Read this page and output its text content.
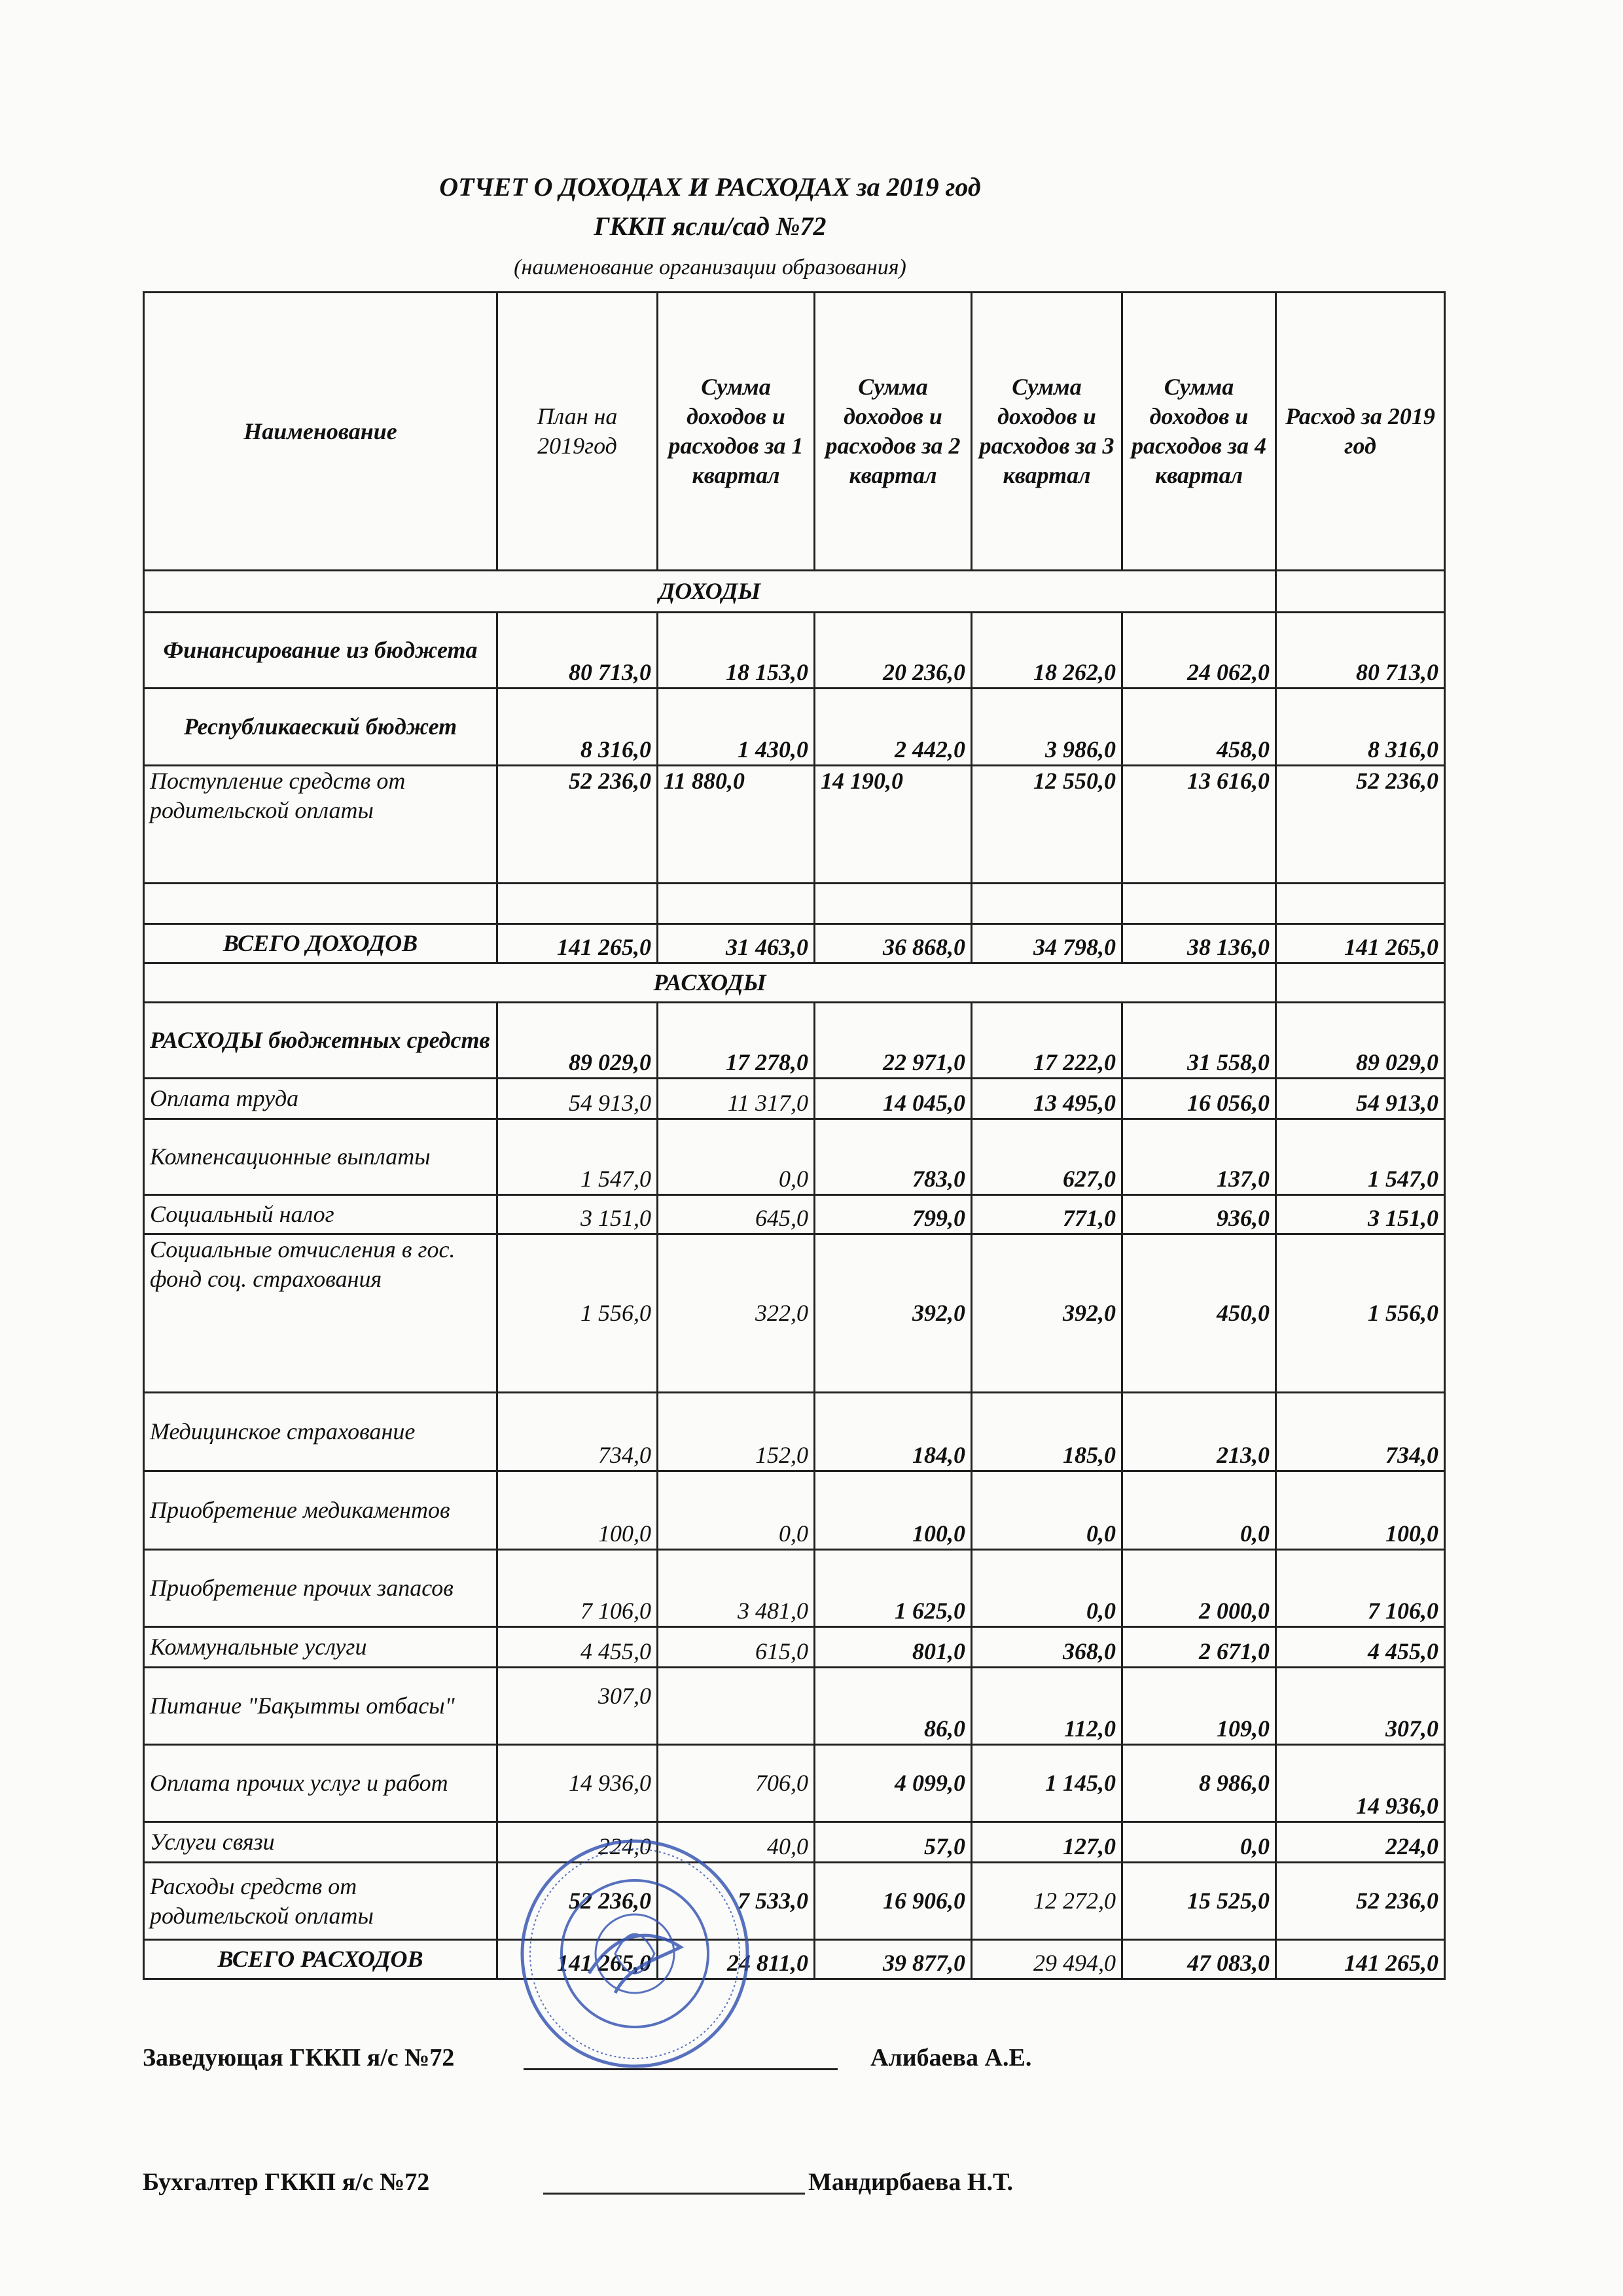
ОТЧЕТ О ДОХОДАХ И РАСХОДАХ за 2019 год
ГККП ясли/сад №72
(наименование организации образования)
Наименование	План на 2019год	Сумма доходов и расходов за 1 квартал	Сумма доходов и расходов за 2 квартал	Сумма доходов и расходов за 3 квартал	Сумма доходов и расходов за 4 квартал	Расход за 2019 год
ДОХОДЫ						
Финансирование из бюджета	80 713,0	18 153,0	20 236,0	18 262,0	24 062,0	80 713,0
Республикаеский бюджет	8 316,0	1 430,0	2 442,0	3 986,0	458,0	8 316,0
Поступление средств от родительской оплаты	52 236,0	11 880,0	14 190,0	12 550,0	13 616,0	52 236,0

ВСЕГО ДОХОДОВ	141 265,0	31 463,0	36 868,0	34 798,0	38 136,0	141 265,0
РАСХОДЫ						
РАСХОДЫ бюджетных средств	89 029,0	17 278,0	22 971,0	17 222,0	31 558,0	89 029,0
Оплата труда	54 913,0	11 317,0	14 045,0	13 495,0	16 056,0	54 913,0
Компенсационные выплаты	1 547,0	0,0	783,0	627,0	137,0	1 547,0
Социальный налог	3 151,0	645,0	799,0	771,0	936,0	3 151,0
Социальные отчисления в гос. фонд соц. страхования	1 556,0	322,0	392,0	392,0	450,0	1 556,0
Медицинское страхование	734,0	152,0	184,0	185,0	213,0	734,0
Приобретение медикаментов	100,0	0,0	100,0	0,0	0,0	100,0
Приобретение прочих запасов	7 106,0	3 481,0	1 625,0	0,0	2 000,0	7 106,0
Коммунальные услуги	4 455,0	615,0	801,0	368,0	2 671,0	4 455,0
Питание "Бақытты отбасы"	307,0		86,0	112,0	109,0	307,0
Оплата прочих услуг и работ	14 936,0	706,0	4 099,0	1 145,0	8 986,0	14 936,0
Услуги связи	224,0	40,0	57,0	127,0	0,0	224,0
Расходы средств от родительской оплаты	52 236,0	7 533,0	16 906,0	12 272,0	15 525,0	52 236,0
ВСЕГО РАСХОДОВ	141 265,0	24 811,0	39 877,0	29 494,0	47 083,0	141 265,0
Заведующая ГККП я/с №72	Алибаева А.Е.
Бухгалтер ГККП я/с №72	Мандирбаева Н.Т.
